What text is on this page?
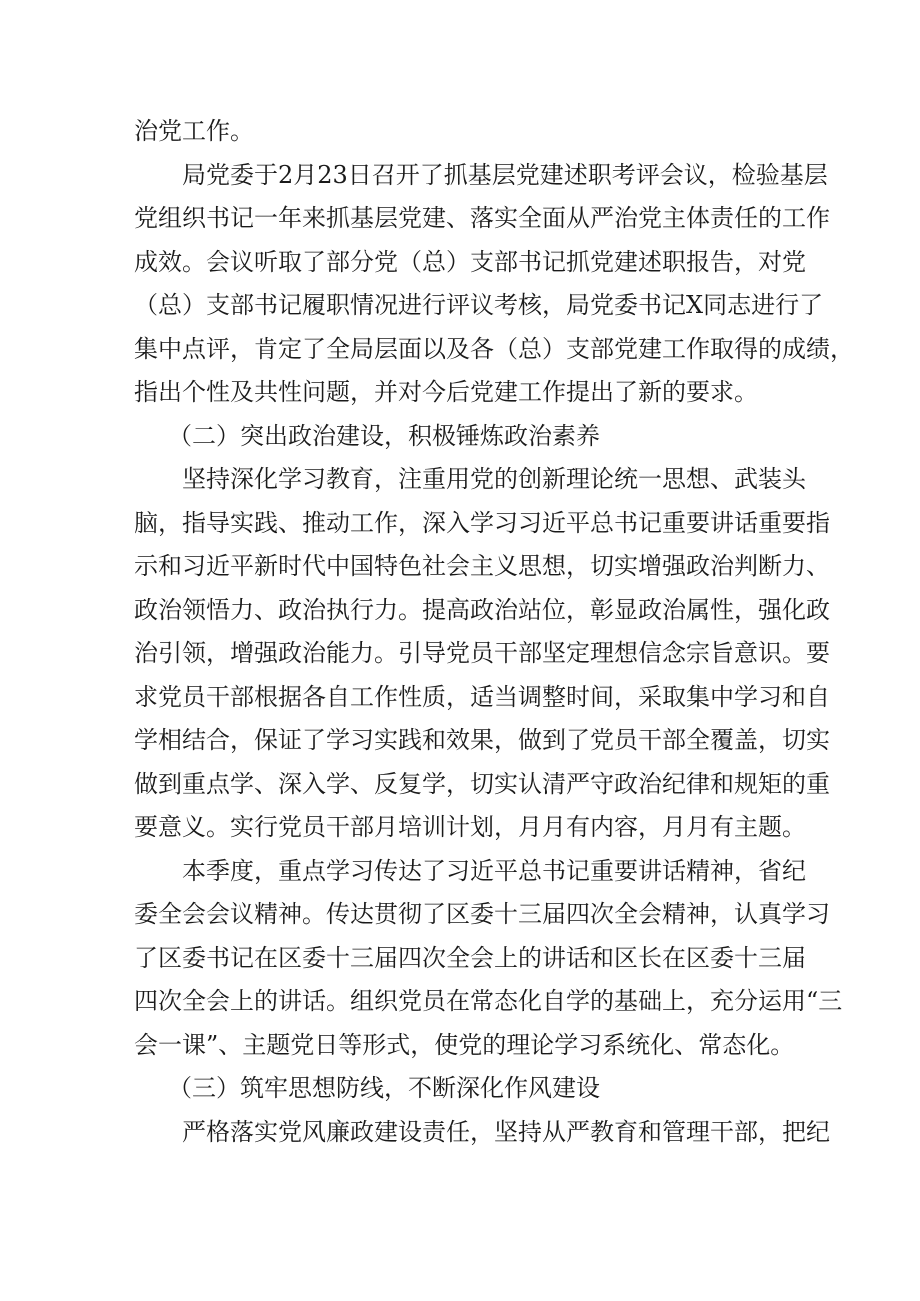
治党工作。
局党委于2月23日召开了抓基层党建述职考评会议，检验基层
党组织书记一年来抓基层党建、落实全面从严治党主体责任的工作
成效。会议听取了部分党（总）支部书记抓党建述职报告，对党
（总）支部书记履职情况进行评议考核，局党委书记X同志进行了
集中点评，肯定了全局层面以及各（总）支部党建工作取得的成绩，
指出个性及共性问题，并对今后党建工作提出了新的要求。
（二）突出政治建设，积极锤炼政治素养
坚持深化学习教育，注重用党的创新理论统一思想、武装头
脑，指导实践、推动工作，深入学习习近平总书记重要讲话重要指
示和习近平新时代中国特色社会主义思想，切实增强政治判断力、
政治领悟力、政治执行力。提高政治站位，彰显政治属性，强化政
治引领，增强政治能力。引导党员干部坚定理想信念宗旨意识。要
求党员干部根据各自工作性质，适当调整时间，采取集中学习和自
学相结合，保证了学习实践和效果，做到了党员干部全覆盖，切实
做到重点学、深入学、反复学，切实认清严守政治纪律和规矩的重
要意义。实行党员干部月培训计划，月月有内容，月月有主题。
本季度，重点学习传达了习近平总书记重要讲话精神，省纪
委全会会议精神。传达贯彻了区委十三届四次全会精神，认真学习
了区委书记在区委十三届四次全会上的讲话和区长在区委十三届
四次全会上的讲话。组织党员在常态化自学的基础上，充分运用“三
会一课”、主题党日等形式，使党的理论学习系统化、常态化。
（三）筑牢思想防线，不断深化作风建设
严格落实党风廉政建设责任，坚持从严教育和管理干部，把纪
